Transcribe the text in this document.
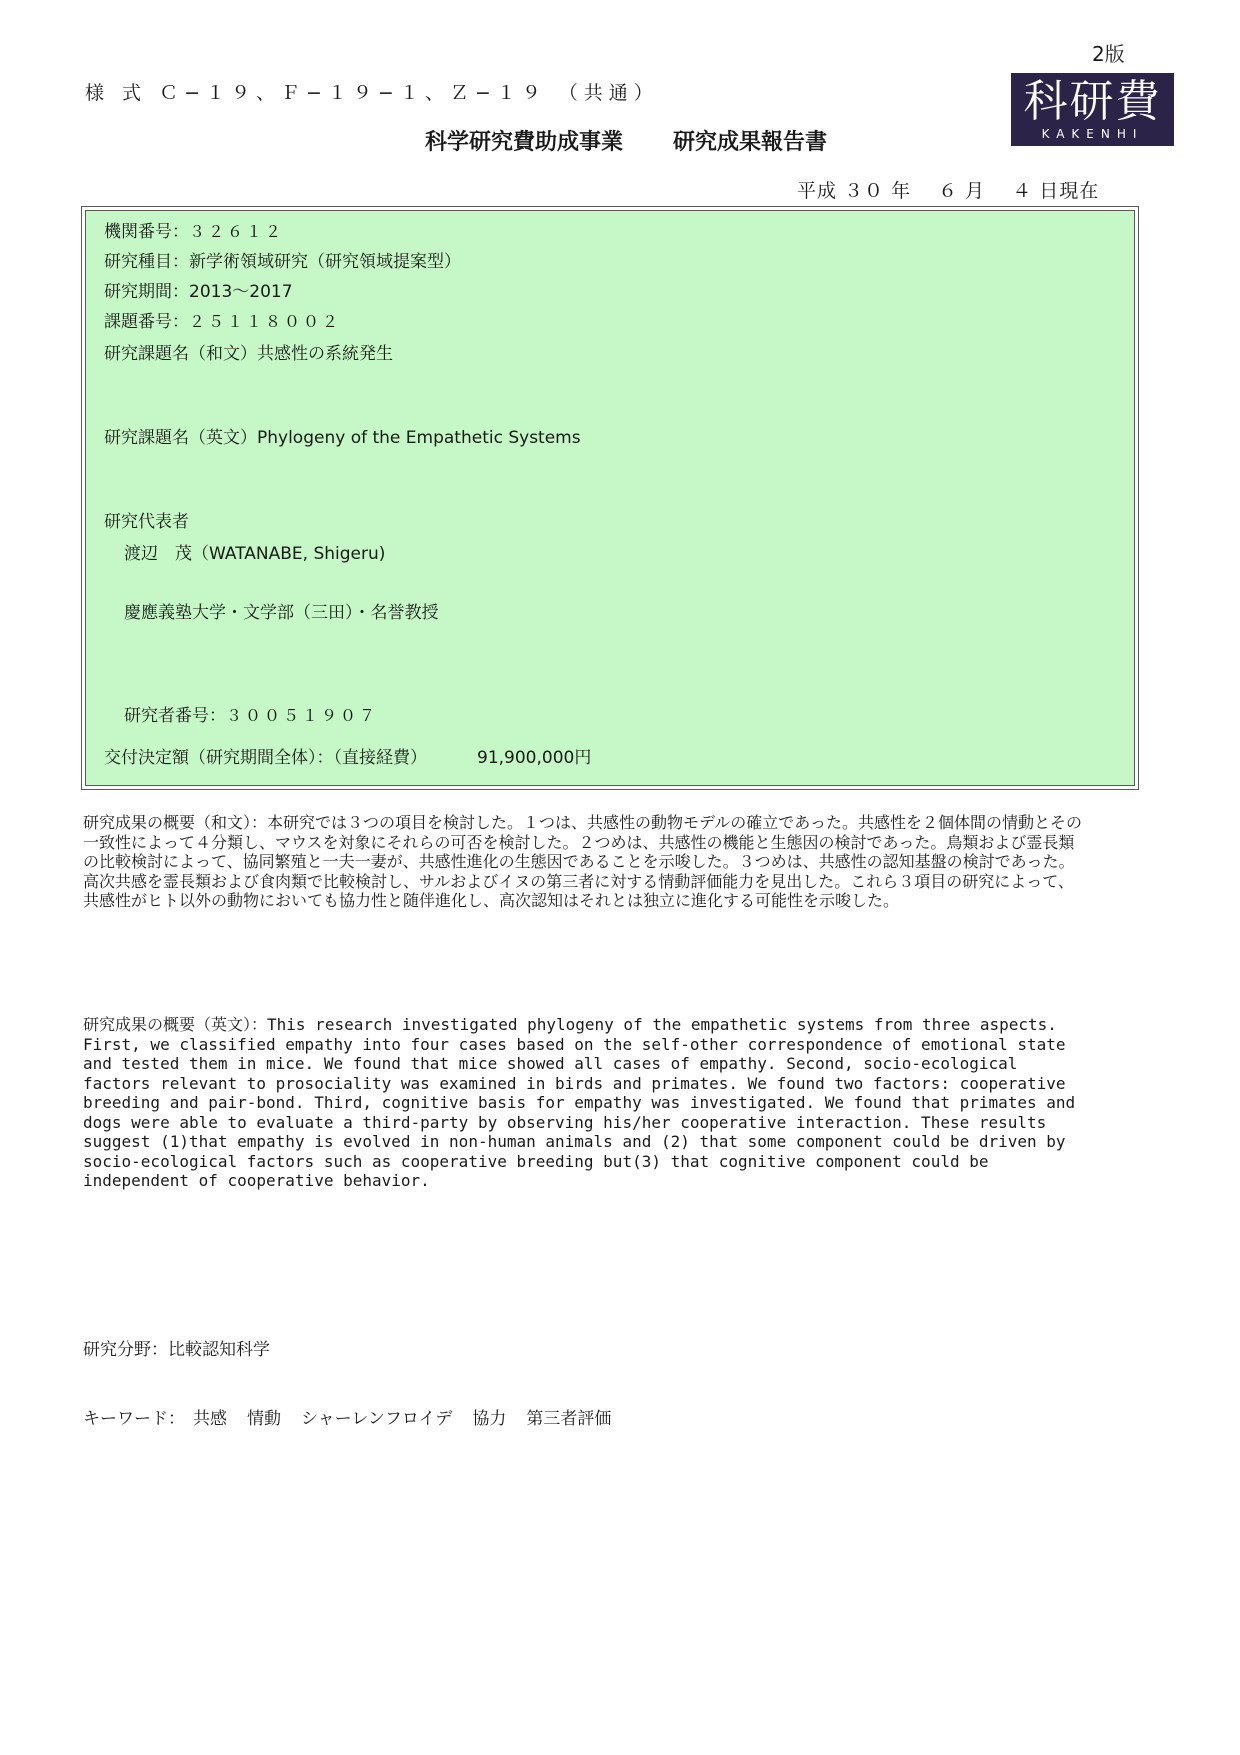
2版
様 式 Ｃ−１９、Ｆ−１９−１、Ｚ−１９ （共通）	科研費
KAKENHI
科学研究費助成事業 研究成果報告書
平成 ３０ 年　 ６ 月　 ４ 日現在
機関番号：３２６１２
研究種目：新学術領域研究（研究領域提案型）
研究期間：2013〜2017
課題番号：２５１１８００２
研究課題名（和文）共感性の系統発生
研究課題名（英文）Phylogeny of the Empathetic Systems
研究代表者
渡辺　茂（WATANABE, Shigeru)
慶應義塾大学・文学部（三田）・名誉教授
研究者番号：３００５１９０７
交付決定額（研究期間全体）：（直接経費）	91,900,000円
研究成果の概要（和文）：本研究では３つの項目を検討した。１つは、共感性の動物モデルの確立であった。共感性を２個体間の情動とその一致性によって４分類し、マウスを対象にそれらの可否を検討した。２つめは、共感性の機能と生態因の検討であった。鳥類および霊長類の比較検討によって、協同繁殖と一夫一妻が、共感性進化の生態因であることを示唆した。３つめは、共感性の認知基盤の検討であった。高次共感を霊長類および食肉類で比較検討し、サルおよびイヌの第三者に対する情動評価能力を見出した。これら３項目の研究によって、共感性がヒト以外の動物においても協力性と随伴進化し、高次認知はそれとは独立に進化する可能性を示唆した。
研究成果の概要（英文）：This research investigated phylogeny of the empathetic systems from three aspects. First, we classified empathy into four cases based on the self-other correspondence of emotional state and tested them in mice. We found that mice showed all cases of empathy. Second, socio-ecological factors relevant to prosociality was examined in birds and primates. We found two factors: cooperative breeding and pair-bond. Third, cognitive basis for empathy was investigated. We found that primates and dogs were able to evaluate a third-party by observing his/her cooperative interaction. These results suggest (1)that empathy is evolved in non-human animals and (2) that some component could be driven by socio-ecological factors such as cooperative breeding but(3) that cognitive component could be independent of cooperative behavior.
研究分野：比較認知科学
キーワード： 共感 情動 シャーレンフロイデ 協力 第三者評価
